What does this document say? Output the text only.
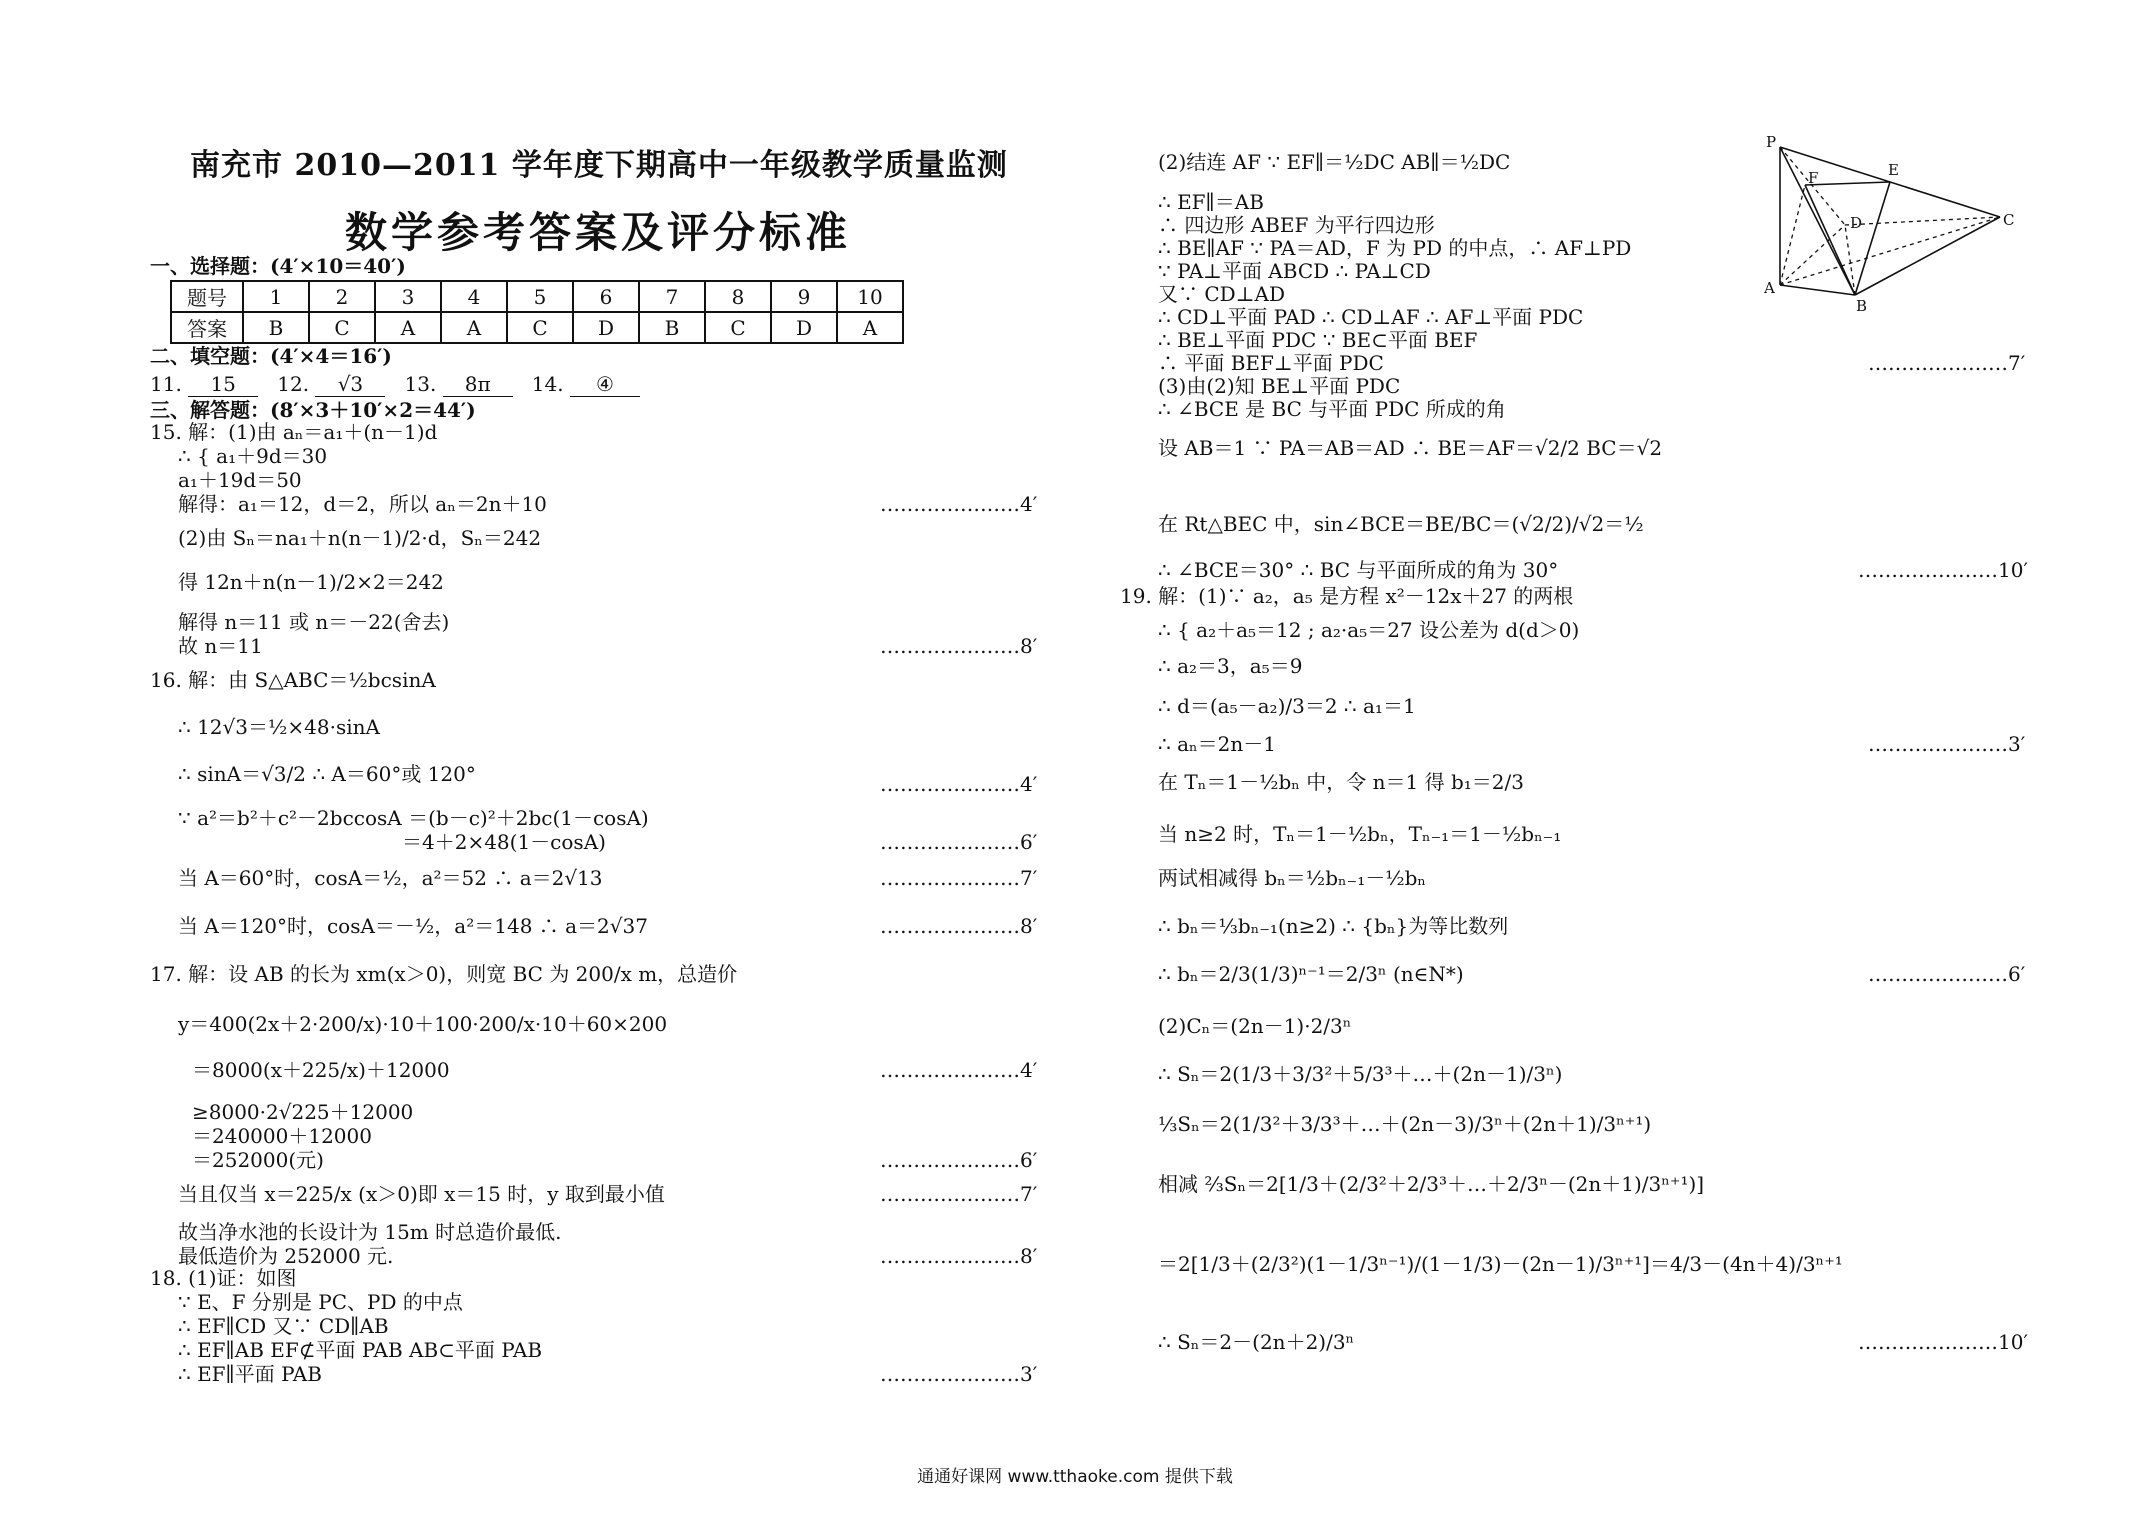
南充市 2010—2011 学年度下期高中一年级教学质量监测
数学参考答案及评分标准
一、选择题：(4′×10＝40′)
题号	1	2	3	4	5	6	7	8	9	10
答案	B	C	A	A	C	D	B	C	D	A
二、填空题：(4′×4＝16′)
11. 15 12. √3 13. 8π 14. ④
三、解答题：(8′×3＋10′×2＝44′)
15. 解：(1)由 aₙ＝a₁＋(n－1)d
∴ { a₁＋9d＝30
a₁＋19d＝50
解得：a₁＝12，d＝2，所以 aₙ＝2n＋10
(2)由 Sₙ＝na₁＋n(n－1)/2·d，Sₙ＝242
得 12n＋n(n－1)/2×2＝242
解得 n＝11 或 n＝－22(舍去)
故 n＝11
16. 解：由 S△ABC＝½bcsinA
∴ 12√3＝½×48·sinA
∴ sinA＝√3/2 ∴ A＝60°或 120°
∵ a²＝b²＋c²－2bccosA ＝(b－c)²＋2bc(1－cosA)
＝4＋2×48(1－cosA)
当 A＝60°时，cosA＝½，a²＝52 ∴ a＝2√13
当 A＝120°时，cosA＝－½，a²＝148 ∴ a＝2√37
17. 解：设 AB 的长为 xm(x＞0)，则宽 BC 为 200/x m，总造价
y＝400(2x＋2·200/x)·10＋100·200/x·10＋60×200
＝8000(x＋225/x)＋12000
≥8000·2√225＋12000
＝240000＋12000
＝252000(元)
当且仅当 x＝225/x (x＞0)即 x＝15 时，y 取到最小值
故当净水池的长设计为 15m 时总造价最低.
最低造价为 252000 元.
18. (1)证：如图
∵ E、F 分别是 PC、PD 的中点
∴ EF∥CD 又∵ CD∥AB
∴ EF∥AB EF⊄平面 PAB AB⊂平面 PAB
∴ EF∥平面 PAB
…………………4′
…………………8′
…………………4′
…………………6′
…………………7′
…………………8′
…………………4′
…………………6′
…………………7′
…………………8′
…………………3′
(2)结连 AF ∵ EF∥＝½DC AB∥＝½DC
∴ EF∥＝AB
∴ 四边形 ABEF 为平行四边形
∴ BE∥AF ∵ PA＝AD，F 为 PD 的中点，∴ AF⊥PD
∵ PA⊥平面 ABCD ∴ PA⊥CD
又∵ CD⊥AD
∴ CD⊥平面 PAD ∴ CD⊥AF ∴ AF⊥平面 PDC
∴ BE⊥平面 PDC ∵ BE⊂平面 BEF
∴ 平面 BEF⊥平面 PDC
(3)由(2)知 BE⊥平面 PDC
∴ ∠BCE 是 BC 与平面 PDC 所成的角
设 AB＝1 ∵ PA＝AB＝AD ∴ BE＝AF＝√2/2 BC＝√2
在 Rt△BEC 中，sin∠BCE＝BE/BC＝(√2/2)/√2＝½
∴ ∠BCE＝30° ∴ BC 与平面所成的角为 30°
19. 解：(1)∵ a₂，a₅ 是方程 x²－12x＋27 的两根
∴ { a₂＋a₅＝12 ; a₂·a₅＝27 设公差为 d(d＞0)
∴ a₂＝3，a₅＝9
∴ d＝(a₅－a₂)/3＝2 ∴ a₁＝1
∴ aₙ＝2n－1
在 Tₙ＝1－½bₙ 中，令 n＝1 得 b₁＝2/3
当 n≥2 时，Tₙ＝1－½bₙ，Tₙ₋₁＝1－½bₙ₋₁
两试相减得 bₙ＝½bₙ₋₁－½bₙ
∴ bₙ＝⅓bₙ₋₁(n≥2) ∴ {bₙ}为等比数列
∴ bₙ＝2/3(1/3)ⁿ⁻¹＝2/3ⁿ (n∈N*)
(2)Cₙ＝(2n－1)·2/3ⁿ
∴ Sₙ＝2(1/3＋3/3²＋5/3³＋…＋(2n－1)/3ⁿ)
⅓Sₙ＝2(1/3²＋3/3³＋…＋(2n－3)/3ⁿ＋(2n＋1)/3ⁿ⁺¹)
相减 ⅔Sₙ＝2[1/3＋(2/3²＋2/3³＋…＋2/3ⁿ－(2n＋1)/3ⁿ⁺¹)]
＝2[1/3＋(2/3²)(1－1/3ⁿ⁻¹)/(1－1/3)－(2n－1)/3ⁿ⁺¹]＝4/3－(4n＋4)/3ⁿ⁺¹
∴ Sₙ＝2－(2n＋2)/3ⁿ
…………………7′
…………………10′
…………………3′
…………………6′
…………………10′
P
E
F
D	C
A
B
通通好课网 www.tthaoke.com 提供下载
